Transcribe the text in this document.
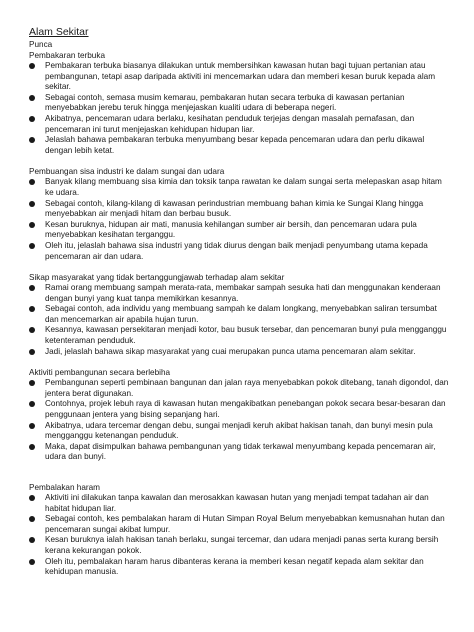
Alam Sekitar
Punca
Pembakaran terbuka
Pembakaran terbuka biasanya dilakukan untuk membersihkan kawasan hutan bagi tujuan pertanian atau pembangunan, tetapi asap daripada aktiviti ini mencemarkan udara dan memberi kesan buruk kepada alam sekitar.
Sebagai contoh, semasa musim kemarau, pembakaran hutan secara terbuka di kawasan pertanian menyebabkan jerebu teruk hingga menjejaskan kualiti udara di beberapa negeri.
Akibatnya, pencemaran udara berlaku, kesihatan penduduk terjejas dengan masalah pernafasan, dan pencemaran ini turut menjejaskan kehidupan hidupan liar.
Jelaslah bahawa pembakaran terbuka menyumbang besar kepada pencemaran udara dan perlu dikawal dengan lebih ketat.
Pembuangan sisa industri ke dalam sungai dan udara
Banyak kilang membuang sisa kimia dan toksik tanpa rawatan ke dalam sungai serta melepaskan asap hitam ke udara.
Sebagai contoh, kilang-kilang di kawasan perindustrian membuang bahan kimia ke Sungai Klang hingga menyebabkan air menjadi hitam dan berbau busuk.
Kesan buruknya, hidupan air mati, manusia kehilangan sumber air bersih, dan pencemaran udara pula menyebabkan kesihatan terganggu.
Oleh itu, jelaslah bahawa sisa industri yang tidak diurus dengan baik menjadi penyumbang utama kepada pencemaran air dan udara.
Sikap masyarakat yang tidak bertanggungjawab terhadap alam sekitar
Ramai orang membuang sampah merata-rata, membakar sampah sesuka hati dan menggunakan kenderaan dengan bunyi yang kuat tanpa memikirkan kesannya.
Sebagai contoh, ada individu yang membuang sampah ke dalam longkang, menyebabkan saliran tersumbat dan mencemarkan air apabila hujan turun.
Kesannya, kawasan persekitaran menjadi kotor, bau busuk tersebar, dan pencemaran bunyi pula mengganggu ketenteraman penduduk.
Jadi, jelaslah bahawa sikap masyarakat yang cuai merupakan punca utama pencemaran alam sekitar.
Aktiviti pembangunan secara berlebiha
Pembangunan seperti pembinaan bangunan dan jalan raya menyebabkan pokok ditebang, tanah digondol, dan jentera berat digunakan.
Contohnya, projek lebuh raya di kawasan hutan mengakibatkan penebangan pokok secara besar-besaran dan penggunaan jentera yang bising sepanjang hari.
Akibatnya, udara tercemar dengan debu, sungai menjadi keruh akibat hakisan tanah, dan bunyi mesin pula mengganggu ketenangan penduduk.
Maka, dapat disimpulkan bahawa pembangunan yang tidak terkawal menyumbang kepada pencemaran air, udara dan bunyi.
Pembalakan haram
Aktiviti ini dilakukan tanpa kawalan dan merosakkan kawasan hutan yang menjadi tempat tadahan air dan habitat hidupan liar.
Sebagai contoh, kes pembalakan haram di Hutan Simpan Royal Belum menyebabkan kemusnahan hutan dan pencemaran sungai akibat lumpur.
Kesan buruknya ialah hakisan tanah berlaku, sungai tercemar, dan udara menjadi panas serta kurang bersih kerana kekurangan pokok.
Oleh itu, pembalakan haram harus dibanteras kerana ia memberi kesan negatif kepada alam sekitar dan kehidupan manusia.
